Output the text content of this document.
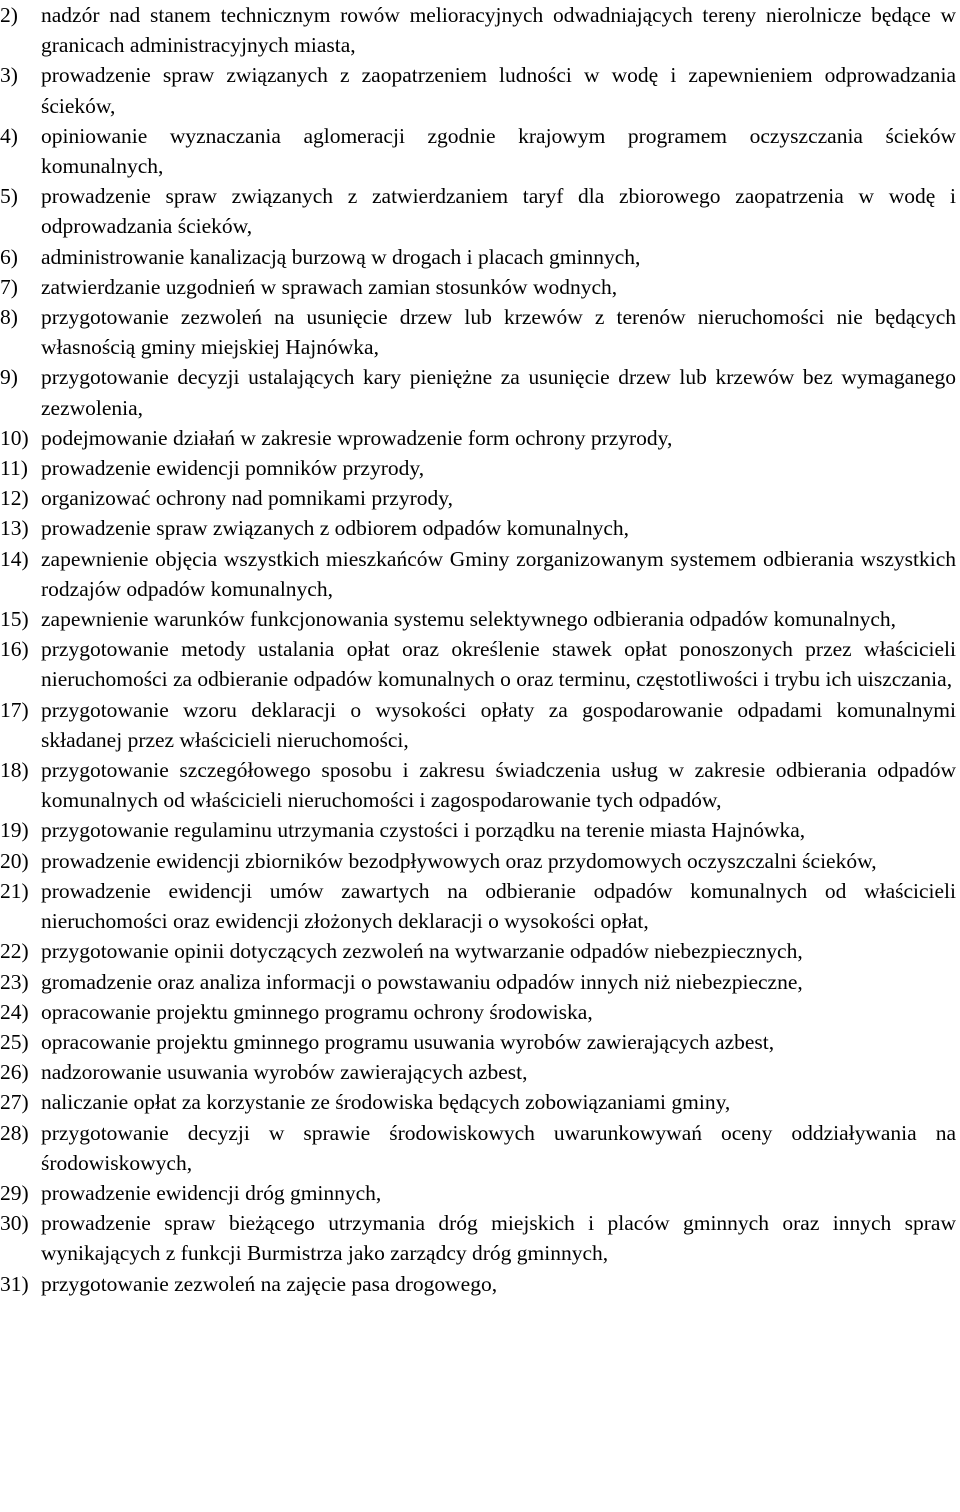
2)	nadzór nad stanem technicznym rowów melioracyjnych odwadniających tereny nierolnicze będące w granicach administracyjnych miasta,
3)	prowadzenie spraw związanych z zaopatrzeniem ludności w wodę i zapewnieniem odprowadzania ścieków,
4)	opiniowanie wyznaczania aglomeracji zgodnie krajowym programem oczyszczania ścieków komunalnych,
5)	prowadzenie spraw związanych z zatwierdzaniem taryf dla zbiorowego zaopatrzenia w wodę i odprowadzania ścieków,
6)	administrowanie kanalizacją burzową w drogach i placach gminnych,
7)	zatwierdzanie uzgodnień w sprawach zamian stosunków wodnych,
8)	przygotowanie zezwoleń na usunięcie drzew lub krzewów z terenów nieruchomości nie będących własnością gminy miejskiej Hajnówka,
9)	przygotowanie decyzji ustalających kary pieniężne za usunięcie drzew lub krzewów bez wymaganego zezwolenia,
10) podejmowanie działań w zakresie wprowadzenie form ochrony przyrody,
11) prowadzenie ewidencji pomników przyrody,
12) organizować ochrony nad pomnikami przyrody,
13) prowadzenie spraw związanych z odbiorem odpadów komunalnych,
14) zapewnienie objęcia wszystkich mieszkańców Gminy zorganizowanym systemem odbierania wszystkich rodzajów odpadów komunalnych,
15) zapewnienie warunków funkcjonowania systemu selektywnego odbierania odpadów komunalnych,
16) przygotowanie metody ustalania opłat oraz określenie stawek opłat ponoszonych przez właścicieli nieruchomości za odbieranie odpadów komunalnych o oraz terminu, częstotliwości i trybu ich uiszczania,
17) przygotowanie wzoru deklaracji o wysokości opłaty za gospodarowanie odpadami komunalnymi składanej przez właścicieli nieruchomości,
18) przygotowanie szczegółowego sposobu i zakresu świadczenia usług w zakresie odbierania odpadów komunalnych od właścicieli nieruchomości i zagospodarowanie tych odpadów,
19) przygotowanie regulaminu utrzymania czystości i porządku na terenie miasta Hajnówka,
20) prowadzenie ewidencji zbiorników bezodpływowych oraz przydomowych oczyszczalni ścieków,
21) prowadzenie ewidencji umów zawartych na odbieranie odpadów komunalnych od właścicieli nieruchomości oraz ewidencji złożonych deklaracji o wysokości opłat,
22) przygotowanie opinii dotyczących zezwoleń na wytwarzanie odpadów niebezpiecznych,
23) gromadzenie oraz analiza informacji o powstawaniu odpadów innych niż niebezpieczne,
24) opracowanie projektu gminnego programu ochrony środowiska,
25) opracowanie projektu gminnego programu usuwania wyrobów zawierających azbest,
26) nadzorowanie usuwania wyrobów zawierających azbest,
27) naliczanie opłat za korzystanie ze środowiska będących zobowiązaniami gminy,
28) przygotowanie decyzji w sprawie środowiskowych uwarunkowywań oceny oddziaływania na środowiskowych,
29) prowadzenie ewidencji dróg gminnych,
30) prowadzenie spraw bieżącego utrzymania dróg miejskich i placów gminnych oraz innych spraw wynikających z funkcji Burmistrza jako zarządcy dróg gminnych,
31) przygotowanie zezwoleń na zajęcie pasa drogowego,
